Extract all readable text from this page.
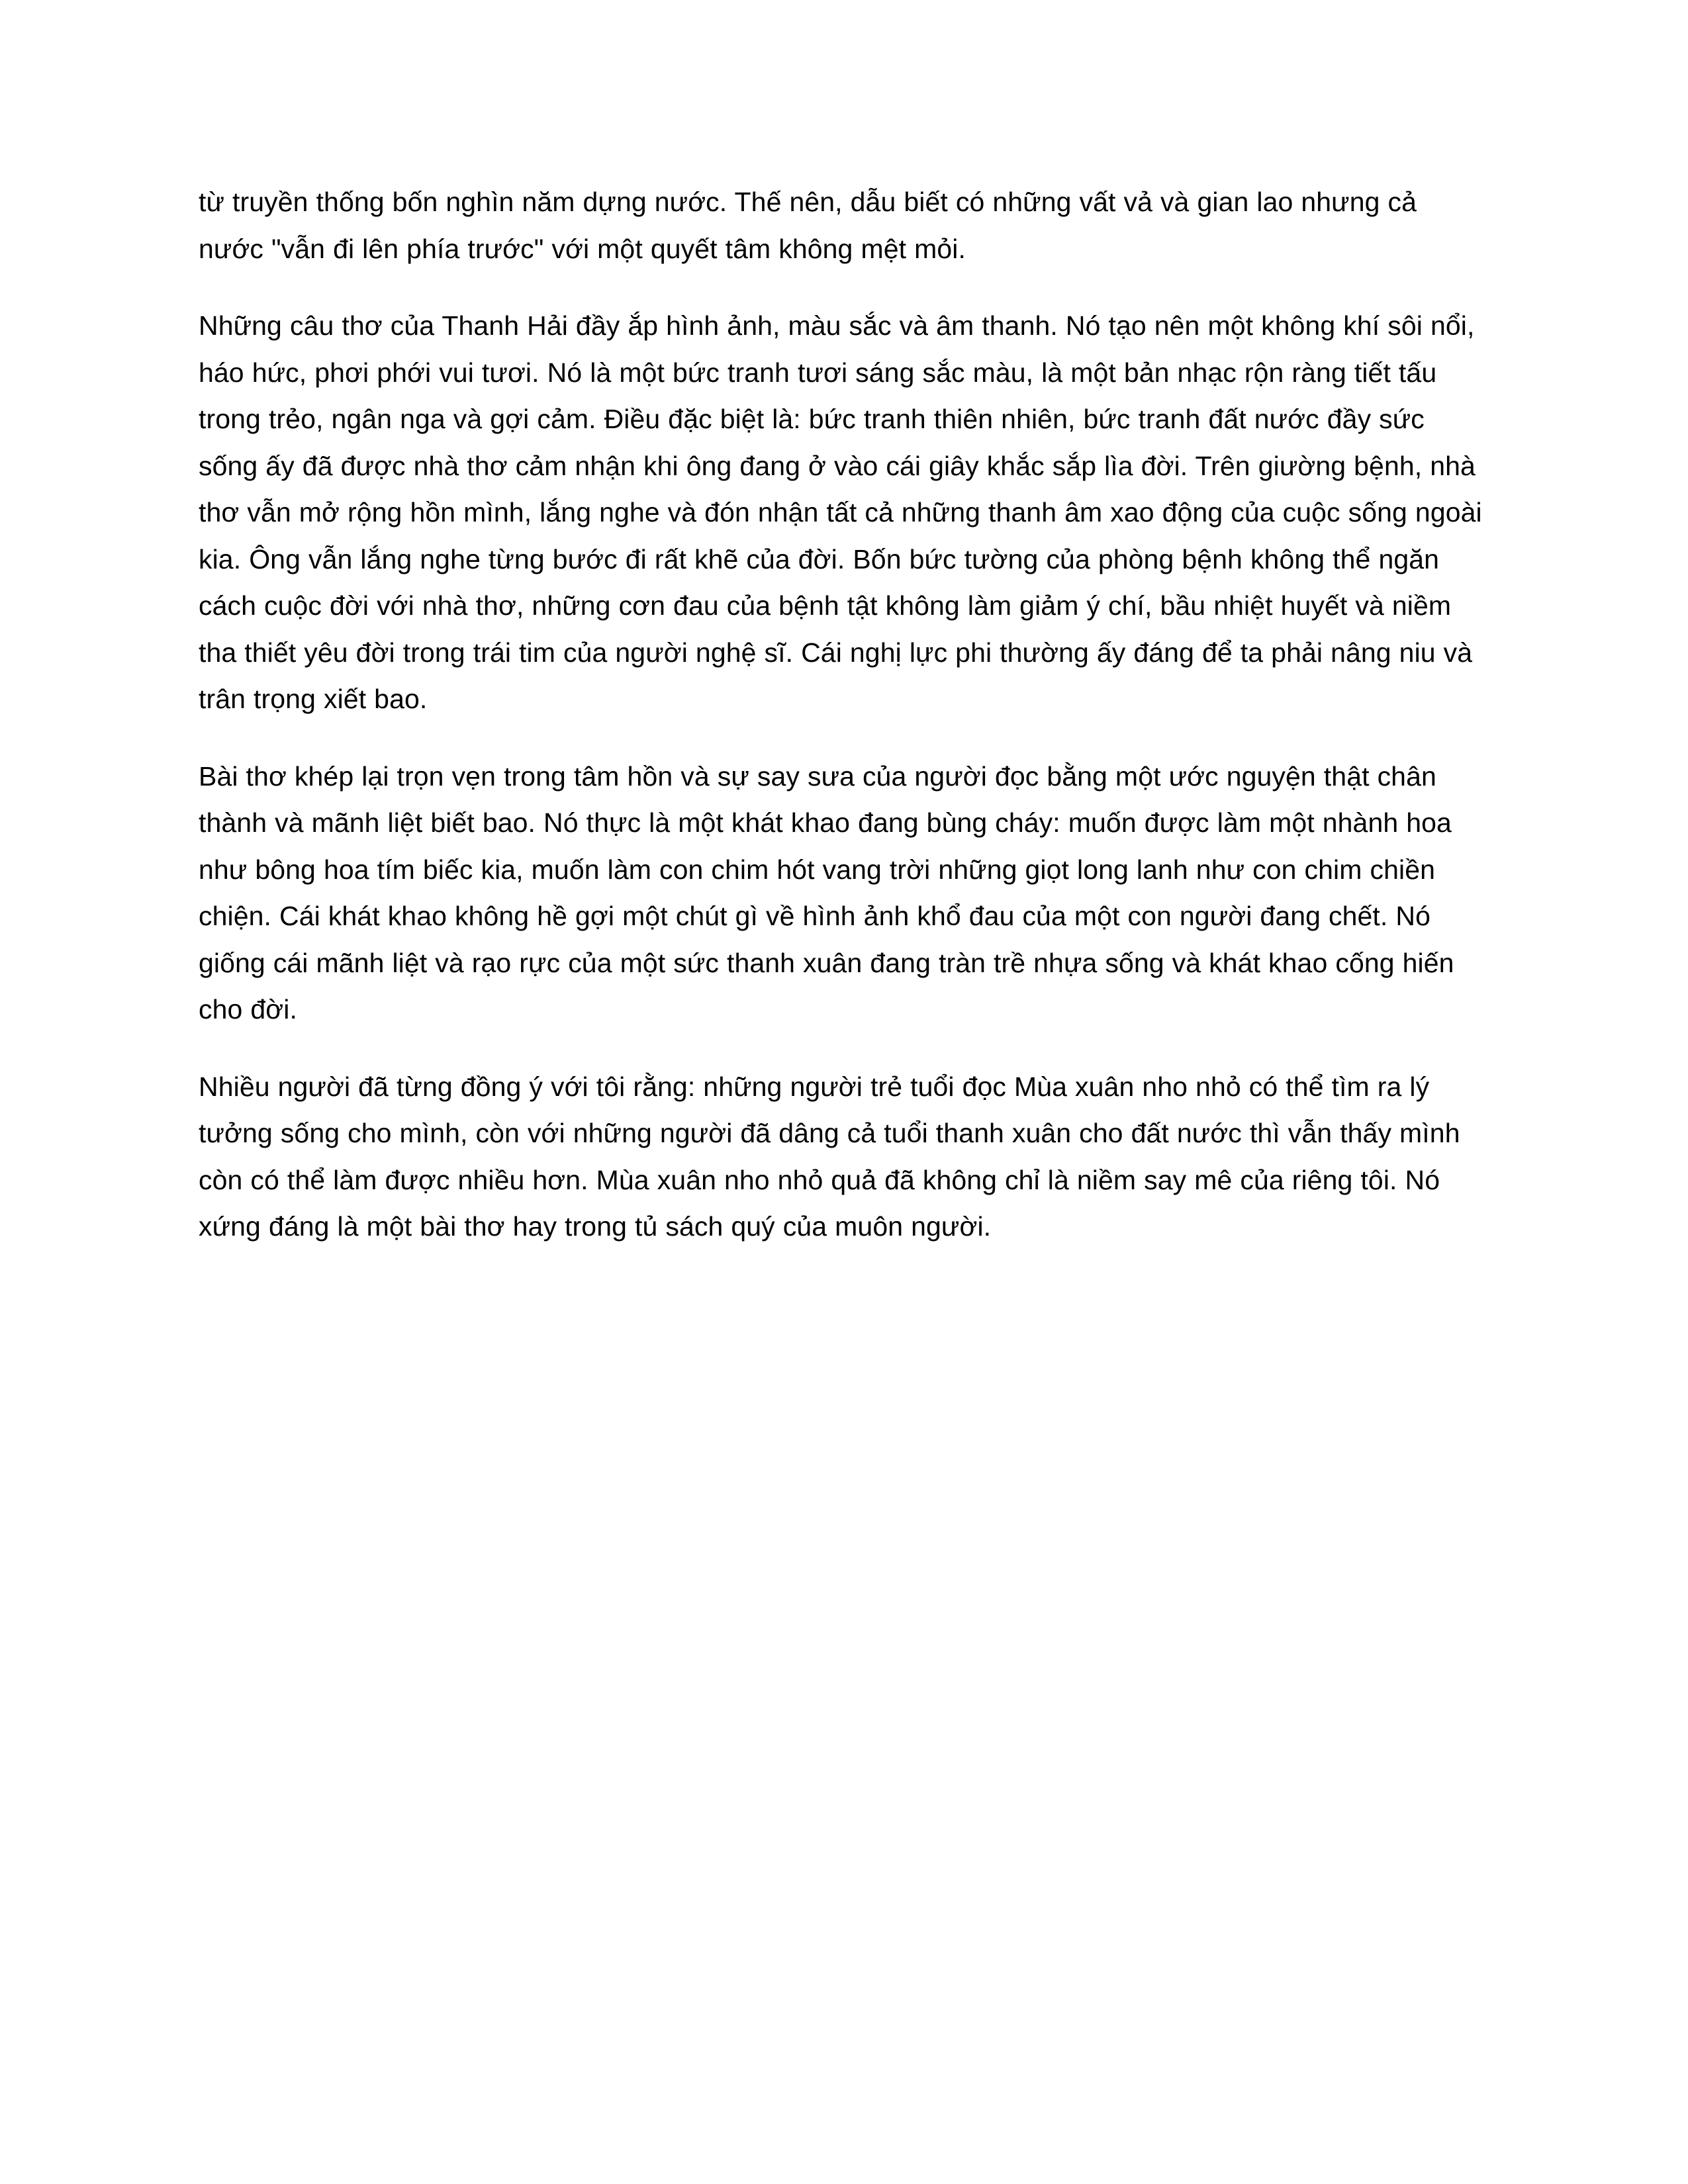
từ truyền thống bốn nghìn năm dựng nước. Thế nên, dẫu biết có những vất vả và gian lao nhưng cả nước "vẫn đi lên phía trước" với một quyết tâm không mệt mỏi.

Những câu thơ của Thanh Hải đầy ắp hình ảnh, màu sắc và âm thanh. Nó tạo nên một không khí sôi nổi, háo hức, phơi phới vui tươi. Nó là một bức tranh tươi sáng sắc màu, là một bản nhạc rộn ràng tiết tấu trong trẻo, ngân nga và gợi cảm. Điều đặc biệt là: bức tranh thiên nhiên, bức tranh đất nước đầy sức sống ấy đã được nhà thơ cảm nhận khi ông đang ở vào cái giây khắc sắp lìa đời. Trên giường bệnh, nhà thơ vẫn mở rộng hồn mình, lắng nghe và đón nhận tất cả những thanh âm xao động của cuộc sống ngoài kia. Ông vẫn lắng nghe từng bước đi rất khẽ của đời. Bốn bức tường của phòng bệnh không thể ngăn cách cuộc đời với nhà thơ, những cơn đau của bệnh tật không làm giảm ý chí, bầu nhiệt huyết và niềm tha thiết yêu đời trong trái tim của người nghệ sĩ. Cái nghị lực phi thường ấy đáng để ta phải nâng niu và trân trọng xiết bao.

Bài thơ khép lại trọn vẹn trong tâm hồn và sự say sưa của người đọc bằng một ước nguyện thật chân thành và mãnh liệt biết bao. Nó thực là một khát khao đang bùng cháy: muốn được làm một nhành hoa như bông hoa tím biếc kia, muốn làm con chim hót vang trời những giọt long lanh như con chim chiền chiện. Cái khát khao không hề gợi một chút gì về hình ảnh khổ đau của một con người đang chết. Nó giống cái mãnh liệt và rạo rực của một sức thanh xuân đang tràn trề nhựa sống và khát khao cống hiến cho đời.

Nhiều người đã từng đồng ý với tôi rằng: những người trẻ tuổi đọc Mùa xuân nho nhỏ có thể tìm ra lý tưởng sống cho mình, còn với những người đã dâng cả tuổi thanh xuân cho đất nước thì vẫn thấy mình còn có thể làm được nhiều hơn. Mùa xuân nho nhỏ quả đã không chỉ là niềm say mê của riêng tôi. Nó xứng đáng là một bài thơ hay trong tủ sách quý của muôn người.
